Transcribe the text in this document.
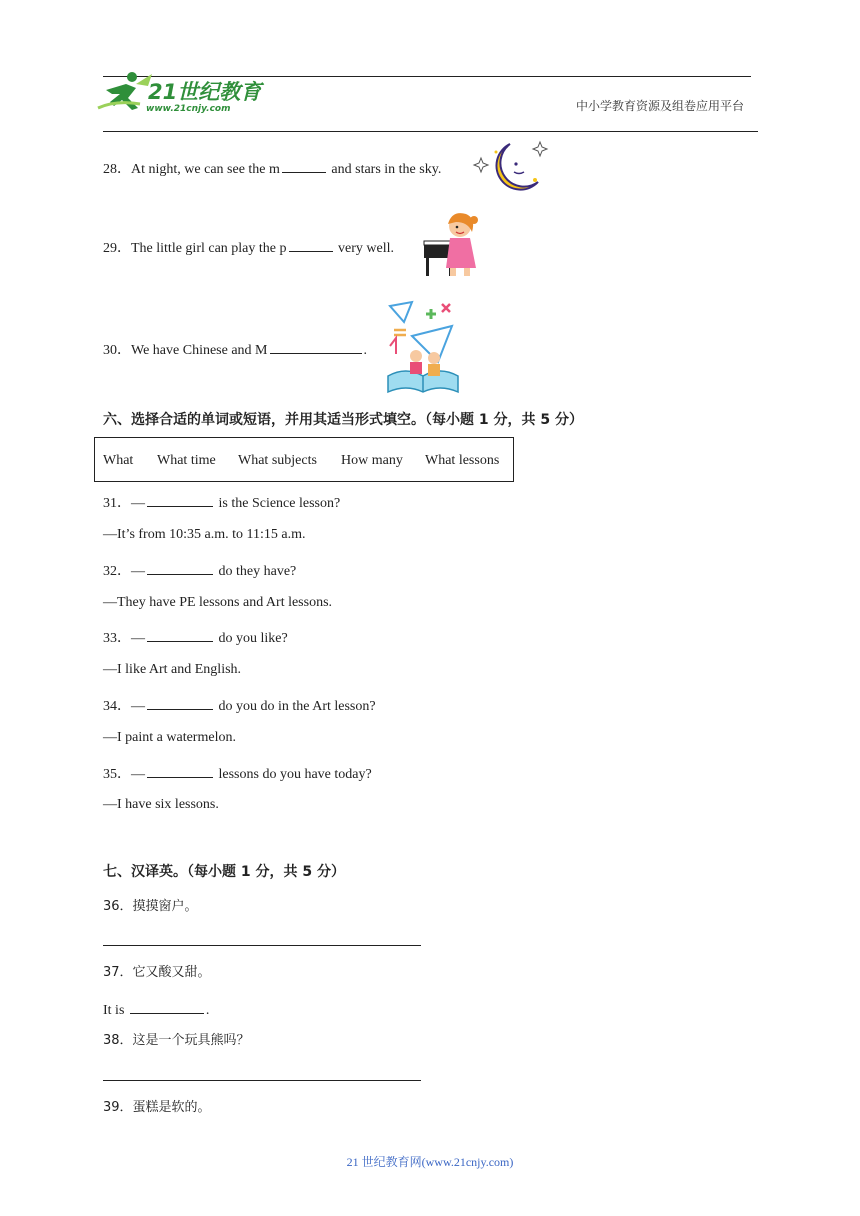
21世纪教育
www.21cnjy.com	中小学教育资源及组卷应用平台
28．At night, we can see the m	and stars in the sky.
29．The little girl can play the p	very well.
30．We have Chinese and M	.
六、选择合适的单词或短语，并用其适当形式填空。（每小题 1 分，共 5 分）
What What time What subjects How many What lessons
31．—	is the Science lesson?
—It’s from 10:35 a.m. to 11:15 a.m.
32．—	do they have?
—They have PE lessons and Art lessons.
33．—	do you like?
—I like Art and English.
34．—	do you do in the Art lesson?
—I paint a watermelon.
35．—	lessons do you have today?
—I have six lessons.
七、汉译英。（每小题 1 分，共 5 分）
36．摸摸窗户。
37．它又酸又甜。
It is	.
38．这是一个玩具熊吗？
39．蛋糕是软的。
21 世纪教育网(www.21cnjy.com)
